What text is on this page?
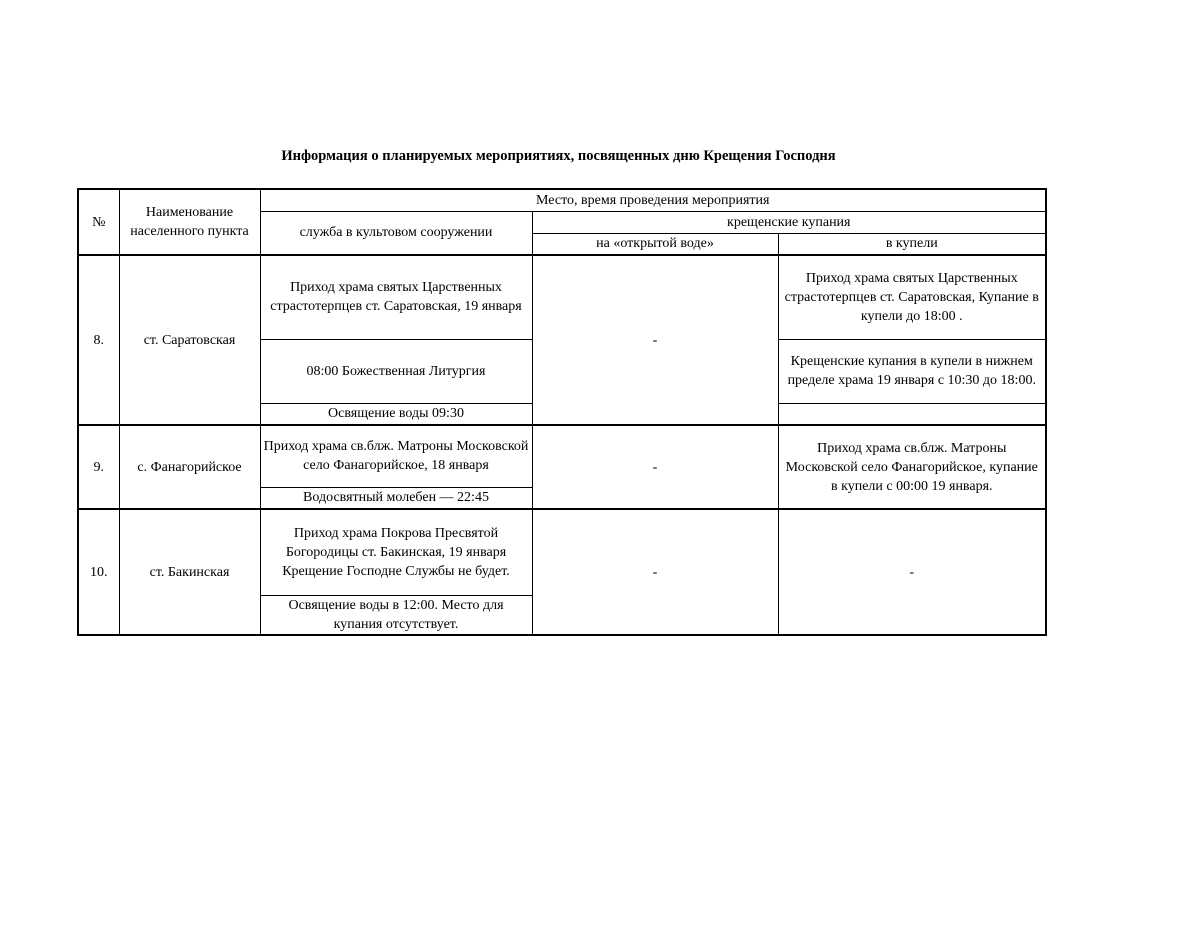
Информация о планируемых мероприятиях, посвященных дню Крещения Господня
№	Наименование населенного пункта	Место, время проведения мероприятия		
		служба в культовом сооружении	крещенские купания	
			на «открытой воде»	в купели
8.	ст. Саратовская	Приход храма святых Царственных страстотерпцев ст. Саратовская, 19 января	-	Приход храма святых Царственных страстотерпцев ст. Саратовская, Купание в купели до 18:00 .
		08:00 Божественная Литургия		Крещенские купания в купели в нижнем пределе храма 19 января с 10:30 до 18:00.
		Освящение воды 09:30		
9.	с. Фанагорийское	Приход храма св.блж. Матроны Московской село Фанагорийское, 18 января	-	Приход храма св.блж. Матроны Московской село Фанагорийское, купание в купели с 00:00 19 января.
		Водосвятный молебен — 22:45		
10.	ст. Бакинская	Приход храма Покрова Пресвятой Богородицы ст. Бакинская, 19 января Крещение Господне Службы не будет.	-	-
		Освящение воды в 12:00. Место для купания отсутствует.		
